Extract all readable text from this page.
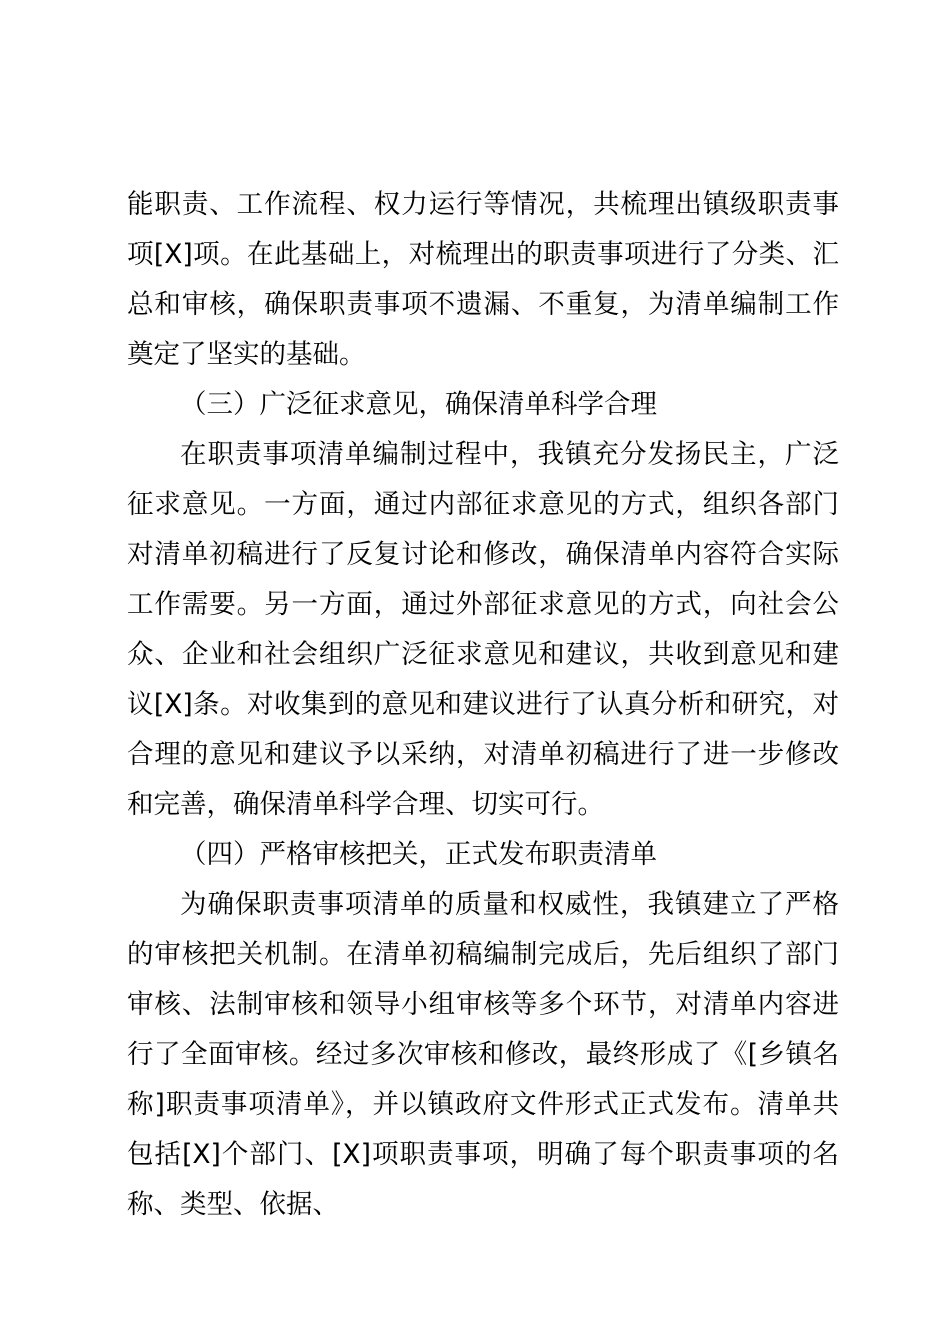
能职责、工作流程、权力运行等情况，共梳理出镇级职责事项[X]项。在此基础上，对梳理出的职责事项进行了分类、汇总和审核，确保职责事项不遗漏、不重复，为清单编制工作奠定了坚实的基础。

（三）广泛征求意见，确保清单科学合理

在职责事项清单编制过程中，我镇充分发扬民主，广泛征求意见。一方面，通过内部征求意见的方式，组织各部门对清单初稿进行了反复讨论和修改，确保清单内容符合实际工作需要。另一方面，通过外部征求意见的方式，向社会公众、企业和社会组织广泛征求意见和建议，共收到意见和建议[X]条。对收集到的意见和建议进行了认真分析和研究，对合理的意见和建议予以采纳，对清单初稿进行了进一步修改和完善，确保清单科学合理、切实可行。

（四）严格审核把关，正式发布职责清单

为确保职责事项清单的质量和权威性，我镇建立了严格的审核把关机制。在清单初稿编制完成后，先后组织了部门审核、法制审核和领导小组审核等多个环节，对清单内容进行了全面审核。经过多次审核和修改，最终形成了《[乡镇名称]职责事项清单》，并以镇政府文件形式正式发布。清单共包括[X]个部门、[X]项职责事项，明确了每个职责事项的名称、类型、依据、
